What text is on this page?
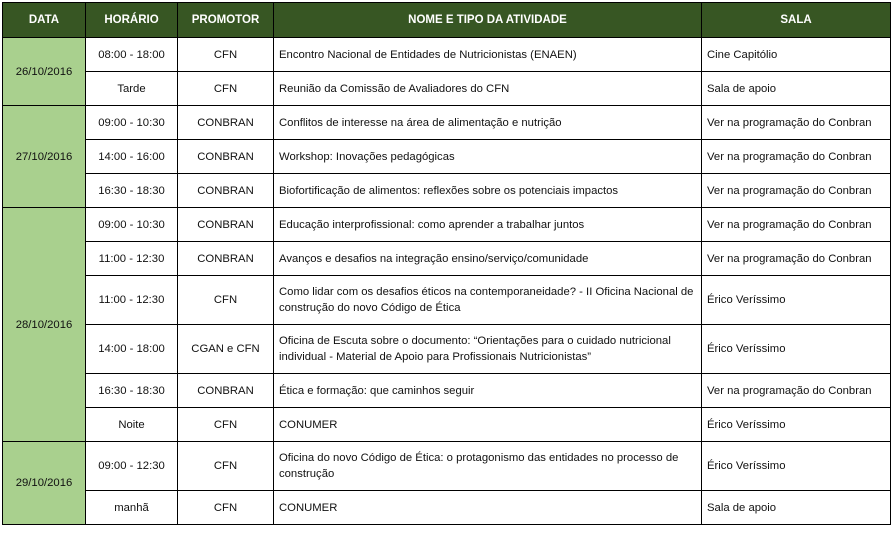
DATA	HORÁRIO	PROMOTOR	NOME E TIPO DA ATIVIDADE	SALA
26/10/2016	08:00 - 18:00	CFN	Encontro Nacional de Entidades de Nutricionistas (ENAEN)	Cine Capitólio
	Tarde	CFN	Reunião da Comissão de Avaliadores do CFN	Sala de apoio
27/10/2016	09:00 - 10:30	CONBRAN	Conflitos de interesse na área de alimentação e nutrição	Ver na programação do Conbran
	14:00 - 16:00	CONBRAN	Workshop: Inovações pedagógicas	Ver na programação do Conbran
	16:30 - 18:30	CONBRAN	Biofortificação de alimentos: reflexões sobre os potenciais impactos	Ver na programação do Conbran
28/10/2016	09:00 - 10:30	CONBRAN	Educação interprofissional: como aprender a trabalhar juntos	Ver na programação do Conbran
	11:00 - 12:30	CONBRAN	Avanços e desafios na integração ensino/serviço/comunidade	Ver na programação do Conbran
	11:00 - 12:30	CFN	Como lidar com os desafios éticos na contemporaneidade? - II Oficina Nacional de construção do novo Código de Ética	Érico Veríssimo
	14:00 - 18:00	CGAN e CFN	Oficina de Escuta sobre o documento: “Orientações para o cuidado nutricional individual - Material de Apoio para Profissionais Nutricionistas”	Érico Veríssimo
	16:30 - 18:30	CONBRAN	Ética e formação: que caminhos seguir	Ver na programação do Conbran
	Noite	CFN	CONUMER	Érico Veríssimo
29/10/2016	09:00 - 12:30	CFN	Oficina do novo Código de Ética: o protagonismo das entidades no processo de construção	Érico Veríssimo
	manhã	CFN	CONUMER	Sala de apoio
